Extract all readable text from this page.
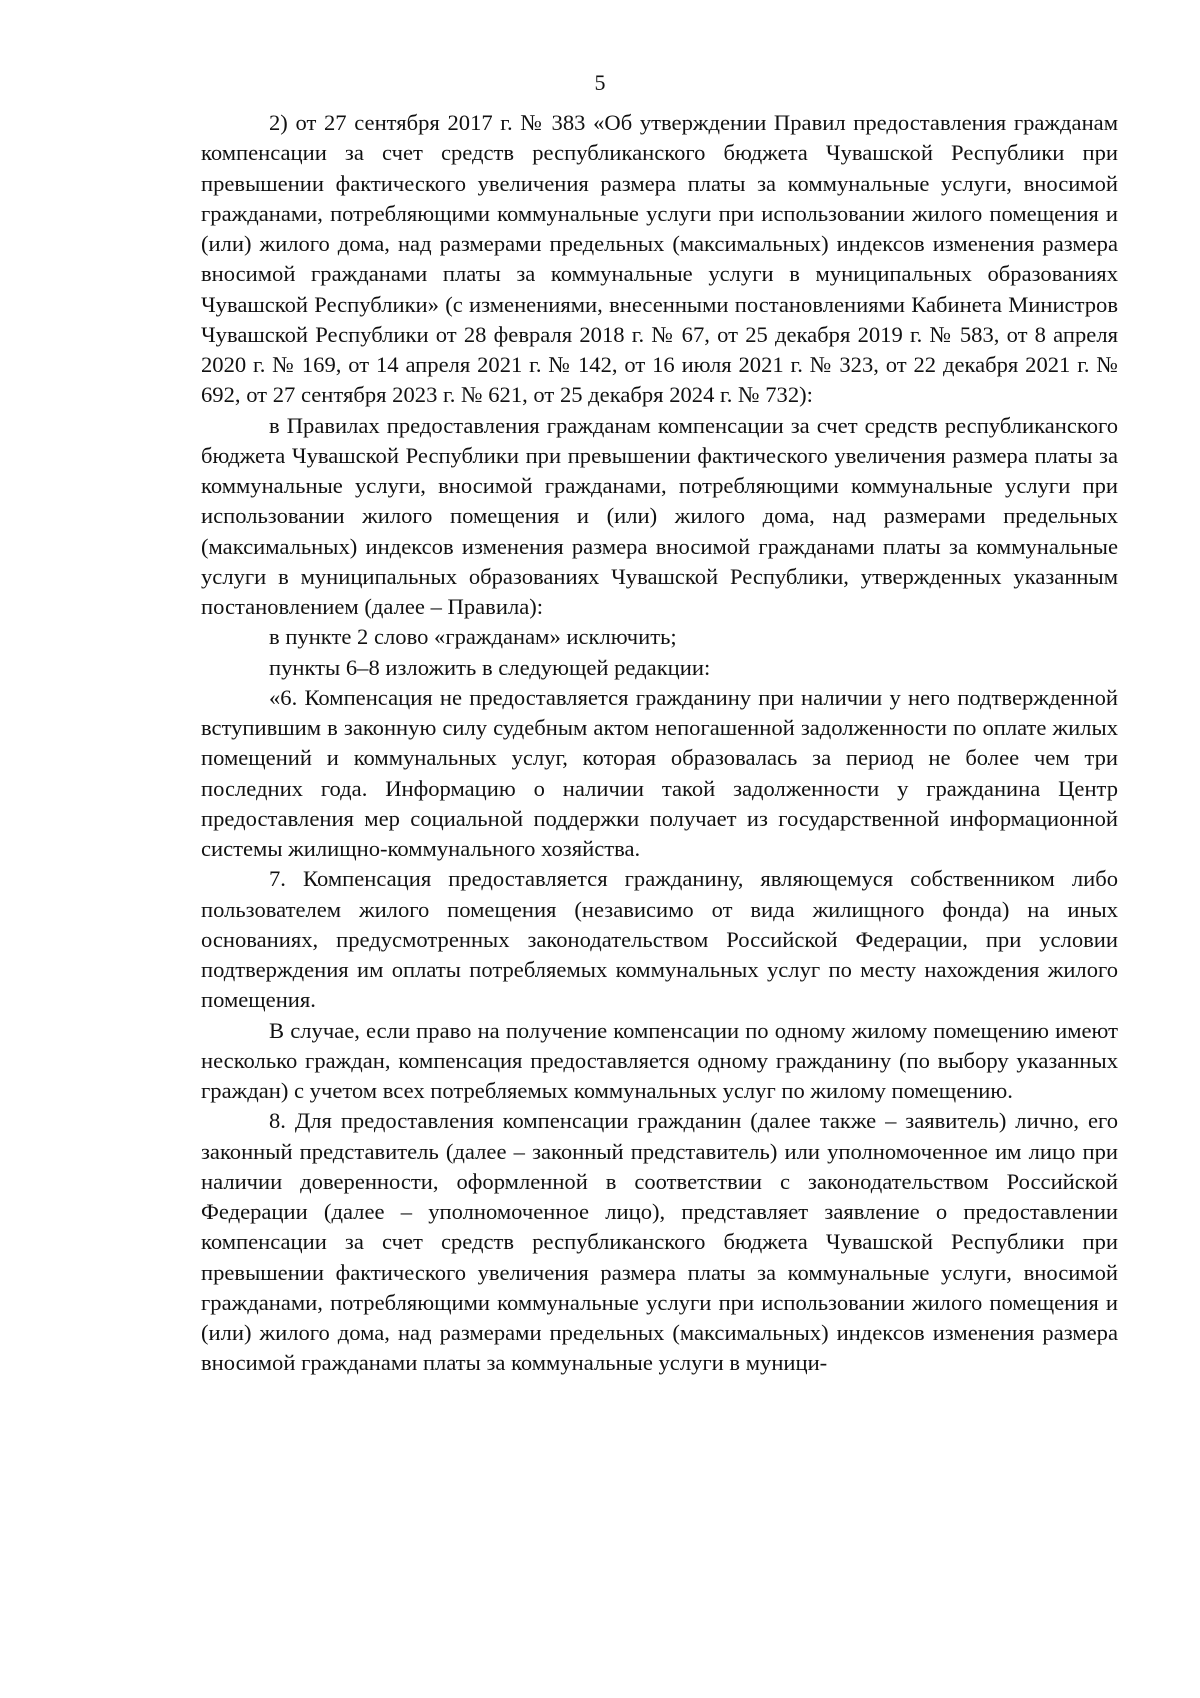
5

2) от 27 сентября 2017 г. № 383 «Об утверждении Правил предоставления гражданам компенсации за счет средств республиканского бюджета Чувашской Республики при превышении фактического увеличения размера платы за коммунальные услуги, вносимой гражданами, потребляющими коммунальные услуги при использовании жилого помещения и (или) жилого дома, над размерами предельных (максимальных) индексов изменения размера вносимой гражданами платы за коммунальные услуги в муниципальных образованиях Чувашской Республики» (с изменениями, внесенными постановлениями Кабинета Министров Чувашской Республики от 28 февраля 2018 г. № 67, от 25 декабря 2019 г. № 583, от 8 апреля 2020 г. № 169, от 14 апреля 2021 г. № 142, от 16 июля 2021 г. № 323, от 22 декабря 2021 г. № 692, от 27 сентября 2023 г. № 621, от 25 декабря 2024 г. № 732):

в Правилах предоставления гражданам компенсации за счет средств республиканского бюджета Чувашской Республики при превышении фактического увеличения размера платы за коммунальные услуги, вносимой гражданами, потребляющими коммунальные услуги при использовании жилого помещения и (или) жилого дома, над размерами предельных (максимальных) индексов изменения размера вносимой гражданами платы за коммунальные услуги в муниципальных образованиях Чувашской Республики, утвержденных указанным постановлением (далее – Правила):

в пункте 2 слово «гражданам» исключить;

пункты 6–8 изложить в следующей редакции:

«6. Компенсация не предоставляется гражданину при наличии у него подтвержденной вступившим в законную силу судебным актом непогашенной задолженности по оплате жилых помещений и коммунальных услуг, которая образовалась за период не более чем три последних года. Информацию о наличии такой задолженности у гражданина Центр предоставления мер социальной поддержки получает из государственной информационной системы жилищно-коммунального хозяйства.

7. Компенсация предоставляется гражданину, являющемуся собственником либо пользователем жилого помещения (независимо от вида жилищного фонда) на иных основаниях, предусмотренных законодательством Российской Федерации, при условии подтверждения им оплаты потребляемых коммунальных услуг по месту нахождения жилого помещения.

В случае, если право на получение компенсации по одному жилому помещению имеют несколько граждан, компенсация предоставляется одному гражданину (по выбору указанных граждан) с учетом всех потребляемых коммунальных услуг по жилому помещению.

8. Для предоставления компенсации гражданин (далее также – заявитель) лично, его законный представитель (далее – законный представитель) или уполномоченное им лицо при наличии доверенности, оформленной в соответствии с законодательством Российской Федерации (далее – уполномоченное лицо), представляет заявление о предоставлении компенсации за счет средств республиканского бюджета Чувашской Республики при превышении фактического увеличения размера платы за коммунальные услуги, вносимой гражданами, потребляющими коммунальные услуги при использовании жилого помещения и (или) жилого дома, над размерами предельных (максимальных) индексов изменения размера вносимой гражданами платы за коммунальные услуги в муници-
